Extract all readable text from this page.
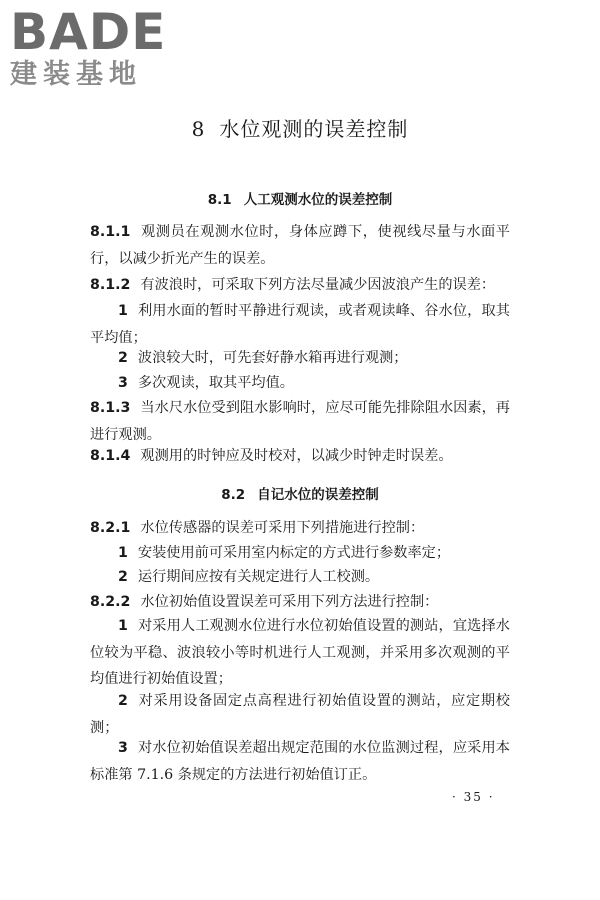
BADE
建装基地
8 水位观测的误差控制
8.1 人工观测水位的误差控制
8.1.1 观测员在观测水位时，身体应蹲下，使视线尽量与水面平行，以减少折光产生的误差。
8.1.2 有波浪时，可采取下列方法尽量减少因波浪产生的误差：
1 利用水面的暂时平静进行观读，或者观读峰、谷水位，取其平均值；
2 波浪较大时，可先套好静水箱再进行观测；
3 多次观读，取其平均值。
8.1.3 当水尺水位受到阻水影响时，应尽可能先排除阻水因素，再进行观测。
8.1.4 观测用的时钟应及时校对，以减少时钟走时误差。
8.2 自记水位的误差控制
8.2.1 水位传感器的误差可采用下列措施进行控制：
1 安装使用前可采用室内标定的方式进行参数率定；
2 运行期间应按有关规定进行人工校测。
8.2.2 水位初始值设置误差可采用下列方法进行控制：
1 对采用人工观测水位进行水位初始值设置的测站，宜选择水位较为平稳、波浪较小等时机进行人工观测，并采用多次观测的平均值进行初始值设置；
2 对采用设备固定点高程进行初始值设置的测站，应定期校测；
3 对水位初始值误差超出规定范围的水位监测过程，应采用本标准第 7.1.6 条规定的方法进行初始值订正。
· 35 ·
